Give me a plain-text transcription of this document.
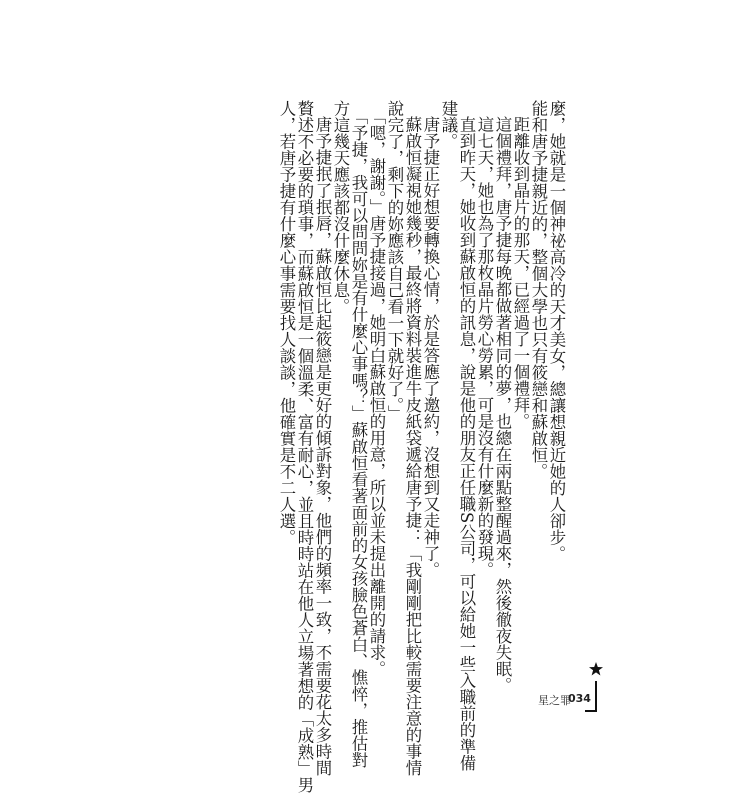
麼，她就是一個神祕高冷的天才美女，總讓想親近她的人卻步。
能和唐予捷親近的，整個大學也只有筱戀和蘇啟恒。
距離收到晶片的那天，已經過了一個禮拜。
這個禮拜，唐予捷每晚都做著相同的夢，也總在兩點整醒過來，然後徹夜失眠。
這七天，她也為了那枚晶片勞心勞累，可是沒有什麼新的發現。
直到昨天，她收到蘇啟恒的訊息，說是他的朋友正任職S公司，可以給她一些入職前的準備
建議。
唐予捷正好想要轉換心情，於是答應了邀約，沒想到又走神了。
蘇啟恒凝視她幾秒，最終將資料裝進牛皮紙袋遞給唐予捷：「我剛剛把比較需要注意的事情
說完了，剩下的妳應該自己看一下就好了。」
「嗯，謝謝。」唐予捷接過，她明白蘇啟恒的用意，所以並未提出離開的請求。
「予捷，我可以問問妳是有什麼心事嗎？」蘇啟恒看著面前的女孩臉色蒼白、憔悴，推估對
方這幾天應該都沒什麼休息。
唐予捷抿了抿唇，蘇啟恒比起筱戀是更好的傾訴對象，他們的頻率一致，不需要花太多時間
贅述不必要的瑣事，而蘇啟恒是一個溫柔、富有耐心，並且時時站在他人立場著想的「成熟」男
人，若唐予捷有什麼心事需要找人談談，他確實是不二人選。
星之罪
034
